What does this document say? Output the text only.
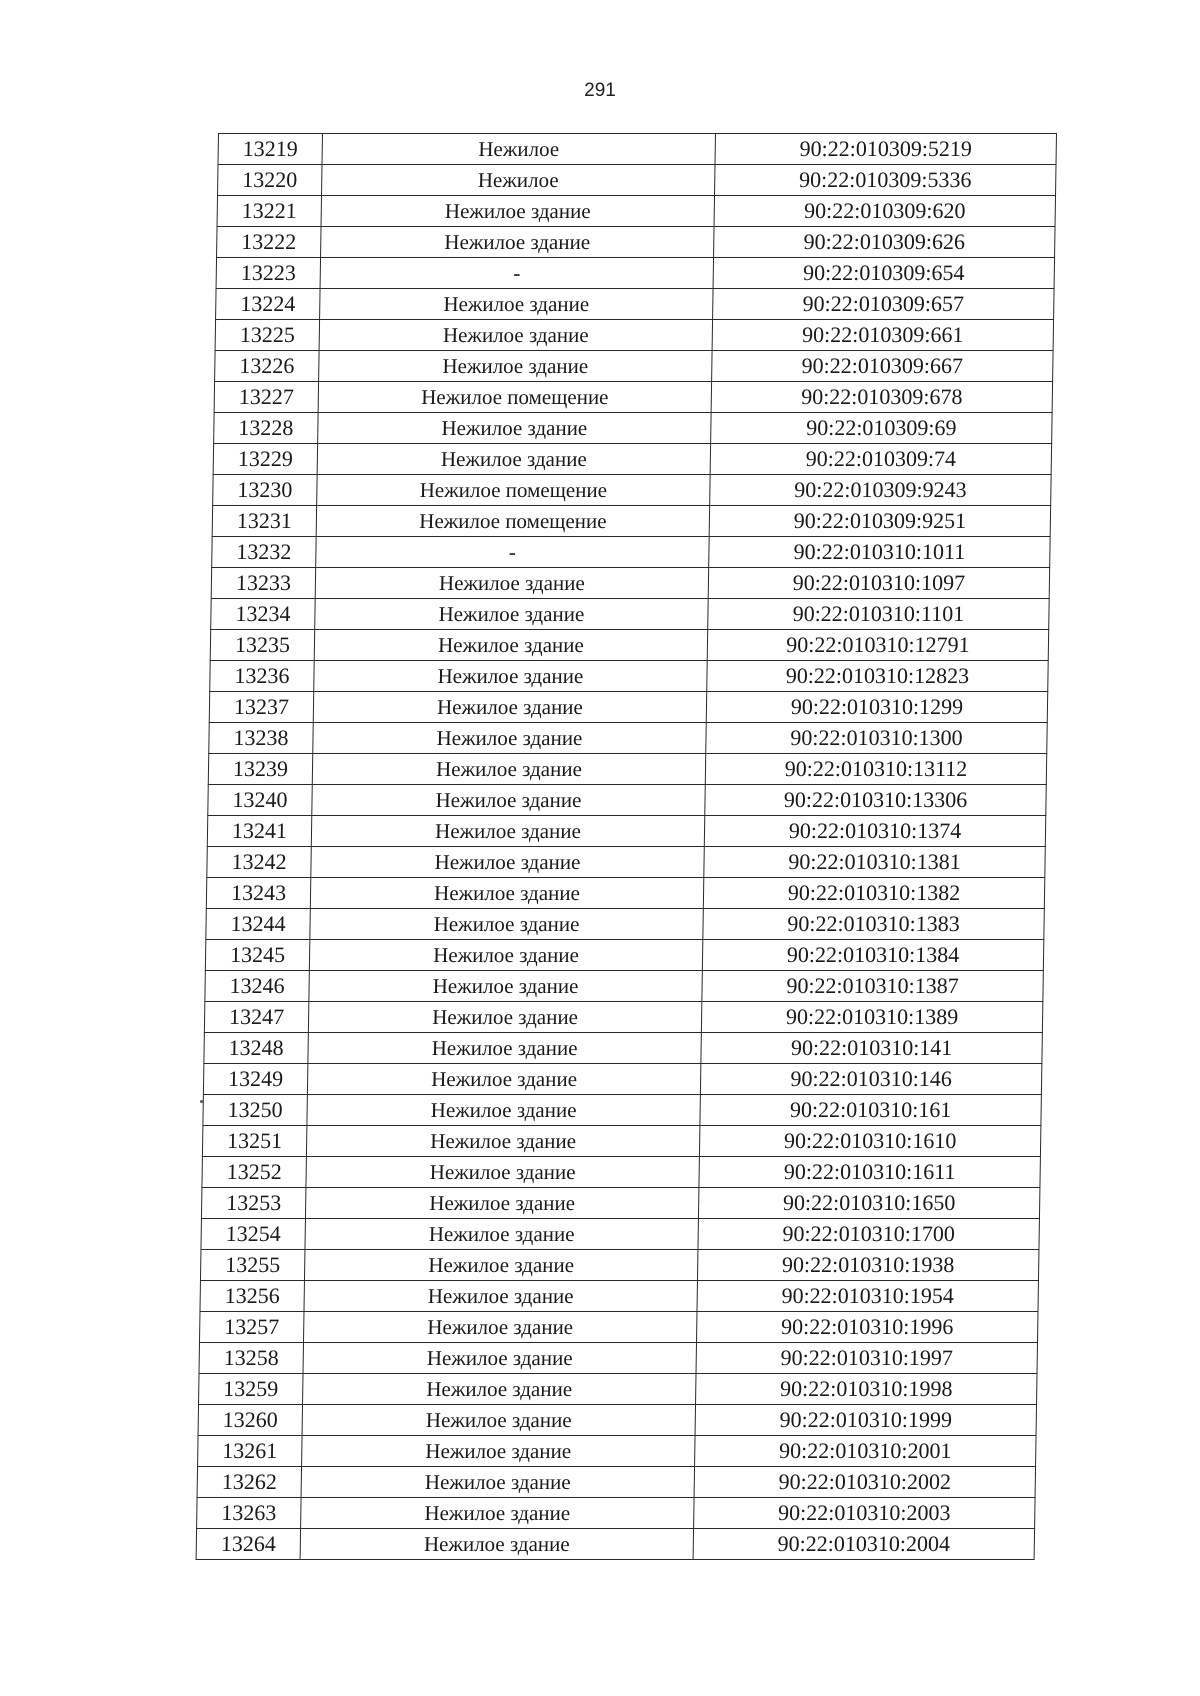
291
13219	Нежилое	90:22:010309:5219
13220	Нежилое	90:22:010309:5336
13221	Нежилое здание	90:22:010309:620
13222	Нежилое здание	90:22:010309:626
13223	-	90:22:010309:654
13224	Нежилое здание	90:22:010309:657
13225	Нежилое здание	90:22:010309:661
13226	Нежилое здание	90:22:010309:667
13227	Нежилое помещение	90:22:010309:678
13228	Нежилое здание	90:22:010309:69
13229	Нежилое здание	90:22:010309:74
13230	Нежилое помещение	90:22:010309:9243
13231	Нежилое помещение	90:22:010309:9251
13232	-	90:22:010310:1011
13233	Нежилое здание	90:22:010310:1097
13234	Нежилое здание	90:22:010310:1101
13235	Нежилое здание	90:22:010310:12791
13236	Нежилое здание	90:22:010310:12823
13237	Нежилое здание	90:22:010310:1299
13238	Нежилое здание	90:22:010310:1300
13239	Нежилое здание	90:22:010310:13112
13240	Нежилое здание	90:22:010310:13306
13241	Нежилое здание	90:22:010310:1374
13242	Нежилое здание	90:22:010310:1381
13243	Нежилое здание	90:22:010310:1382
13244	Нежилое здание	90:22:010310:1383
13245	Нежилое здание	90:22:010310:1384
13246	Нежилое здание	90:22:010310:1387
13247	Нежилое здание	90:22:010310:1389
13248	Нежилое здание	90:22:010310:141
13249	Нежилое здание	90:22:010310:146
13250	Нежилое здание	90:22:010310:161
13251	Нежилое здание	90:22:010310:1610
13252	Нежилое здание	90:22:010310:1611
13253	Нежилое здание	90:22:010310:1650
13254	Нежилое здание	90:22:010310:1700
13255	Нежилое здание	90:22:010310:1938
13256	Нежилое здание	90:22:010310:1954
13257	Нежилое здание	90:22:010310:1996
13258	Нежилое здание	90:22:010310:1997
13259	Нежилое здание	90:22:010310:1998
13260	Нежилое здание	90:22:010310:1999
13261	Нежилое здание	90:22:010310:2001
13262	Нежилое здание	90:22:010310:2002
13263	Нежилое здание	90:22:010310:2003
13264	Нежилое здание	90:22:010310:2004
